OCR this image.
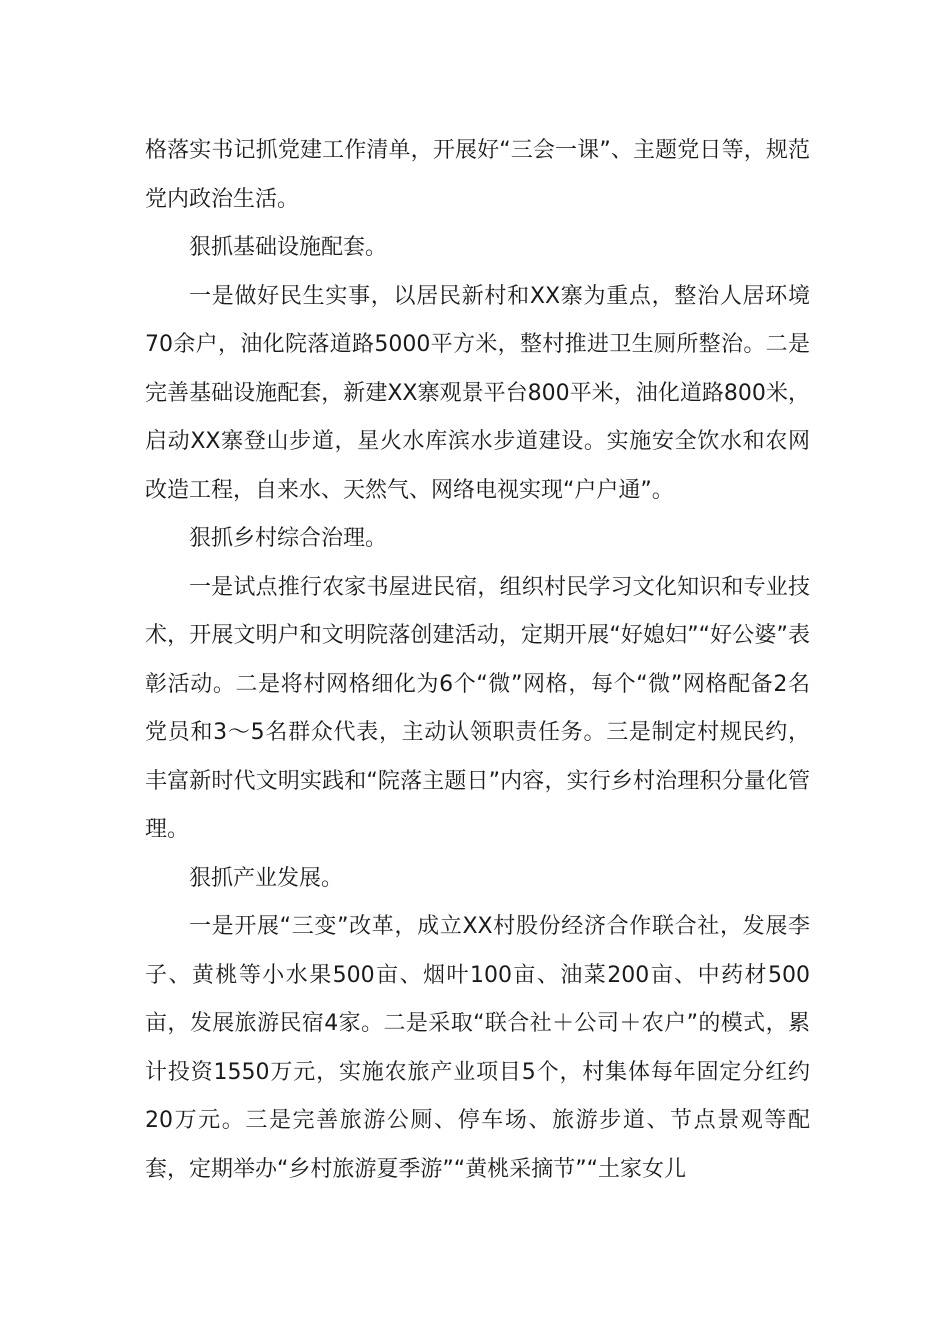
格落实书记抓党建工作清单，开展好“三会一课”、主题党日等，规范党内政治生活。

狠抓基础设施配套。

一是做好民生实事，以居民新村和XX寨为重点，整治人居环境70余户，油化院落道路5000平方米，整村推进卫生厕所整治。二是完善基础设施配套，新建XX寨观景平台800平米，油化道路800米，启动XX寨登山步道，星火水库滨水步道建设。实施安全饮水和农网改造工程，自来水、天然气、网络电视实现“户户通”。

狠抓乡村综合治理。

一是试点推行农家书屋进民宿，组织村民学习文化知识和专业技术，开展文明户和文明院落创建活动，定期开展“好媳妇”“好公婆”表彰活动。二是将村网格细化为6个“微”网格，每个“微”网格配备2名党员和3～5名群众代表，主动认领职责任务。三是制定村规民约，丰富新时代文明实践和“院落主题日”内容，实行乡村治理积分量化管理。

狠抓产业发展。

一是开展“三变”改革，成立XX村股份经济合作联合社，发展李子、黄桃等小水果500亩、烟叶100亩、油菜200亩、中药材500亩，发展旅游民宿4家。二是采取“联合社＋公司＋农户”的模式，累计投资1550万元，实施农旅产业项目5个，村集体每年固定分红约20万元。三是完善旅游公厕、停车场、旅游步道、节点景观等配套，定期举办“乡村旅游夏季游”“黄桃采摘节”“土家女儿
